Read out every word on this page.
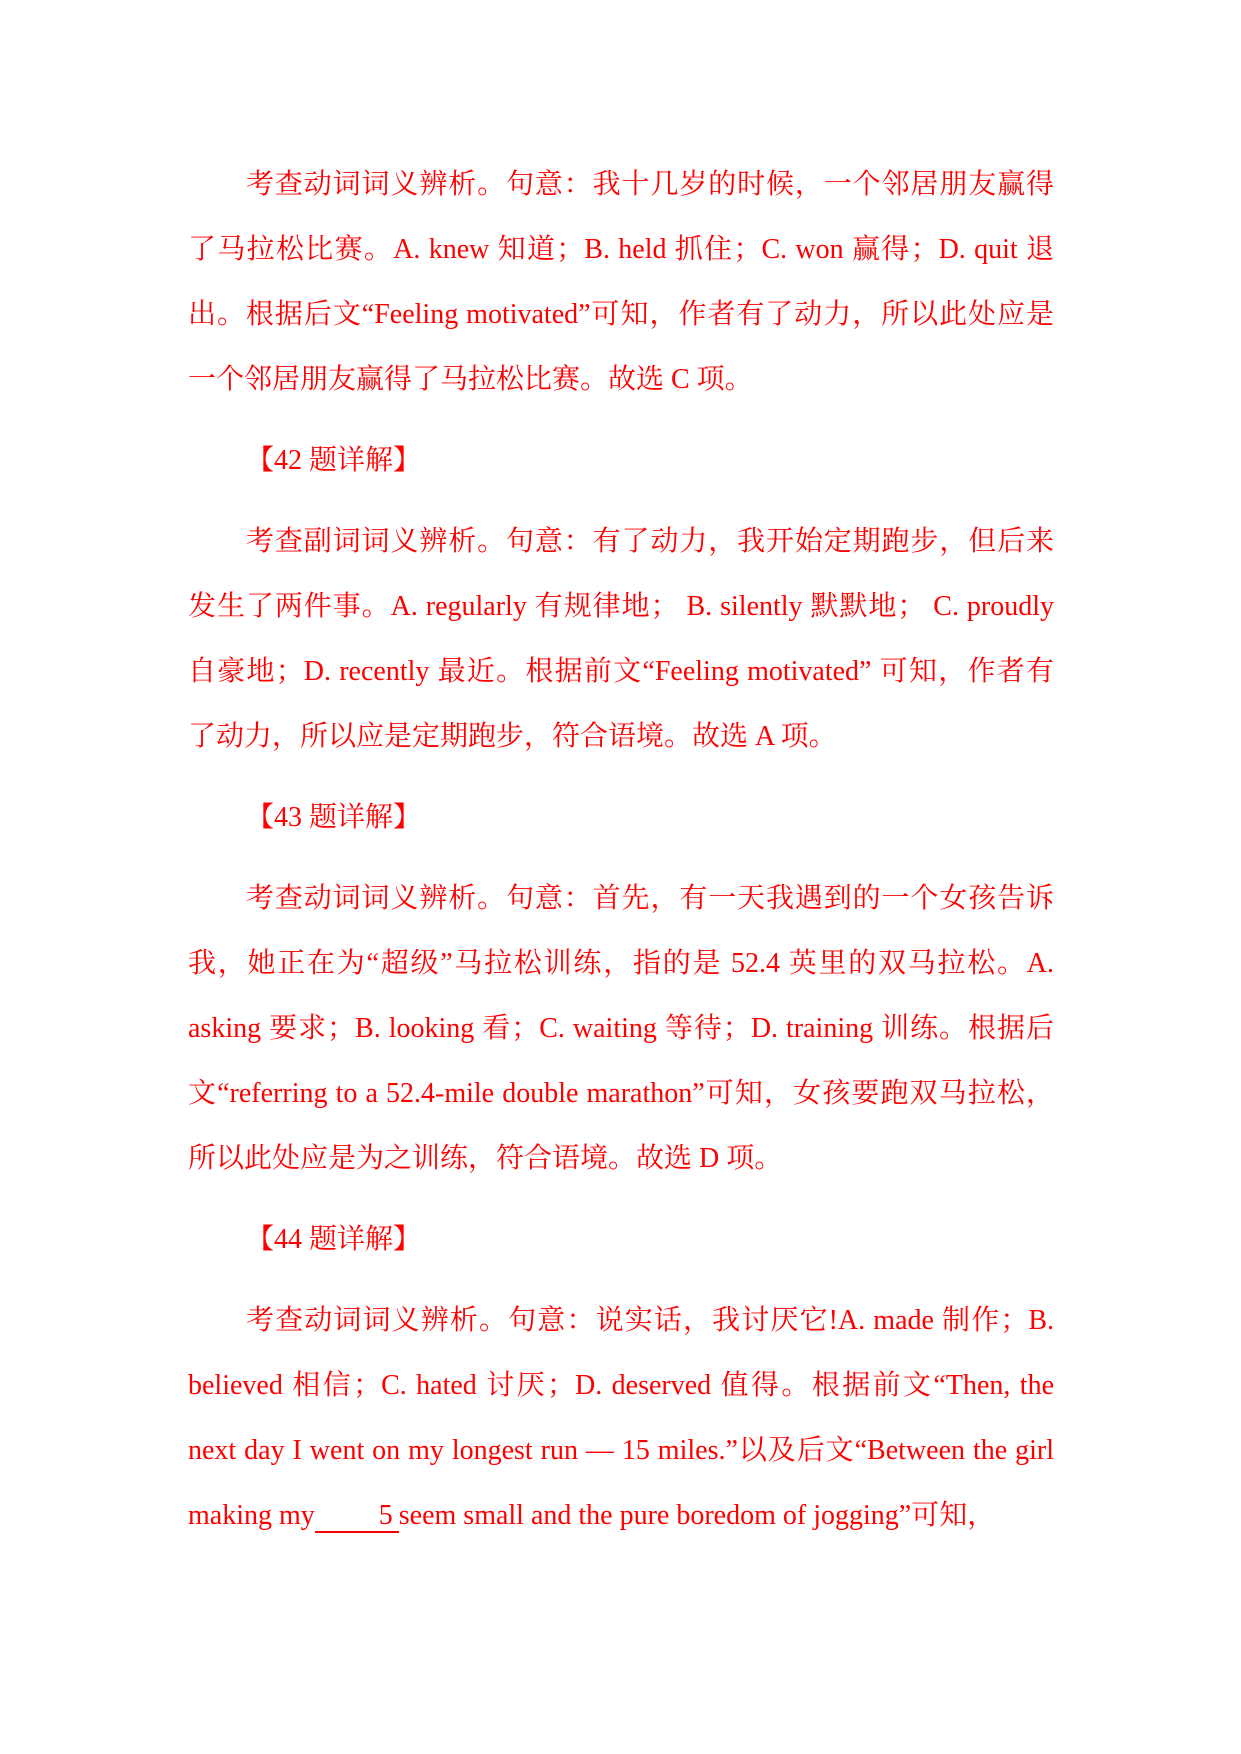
考查动词词义辨析。句意：我十几岁的时候，一个邻居朋友赢得了马拉松比赛。A. knew 知道；B. held 抓住；C. won 赢得；D. quit 退出。根据后文“Feeling motivated”可知，作者有了动力，所以此处应是一个邻居朋友赢得了马拉松比赛。故选 C 项。

【42 题详解】

考查副词词义辨析。句意：有了动力，我开始定期跑步，但后来发生了两件事。A. regularly 有规律地； B. silently 默默地； C. proudly 自豪地；D. recently 最近。根据前文“Feeling motivated” 可知，作者有了动力，所以应是定期跑步，符合语境。故选 A 项。

【43 题详解】

考查动词词义辨析。句意：首先，有一天我遇到的一个女孩告诉我，她正在为“超级”马拉松训练，指的是 52.4 英里的双马拉松。A. asking 要求；B. looking 看；C. waiting 等待；D. training 训练。根据后文“referring to a 52.4-mile double marathon”可知，女孩要跑双马拉松，所以此处应是为之训练，符合语境。故选 D 项。

【44 题详解】

考查动词词义辨析。句意：说实话，我讨厌它!A. made 制作；B. believed 相信；C. hated 讨厌；D. deserved 值得。根据前文“Then, the next day I went on my longest run — 15 miles.”以及后文“Between the girl making my 5 seem small and the pure boredom of jogging”可知，
